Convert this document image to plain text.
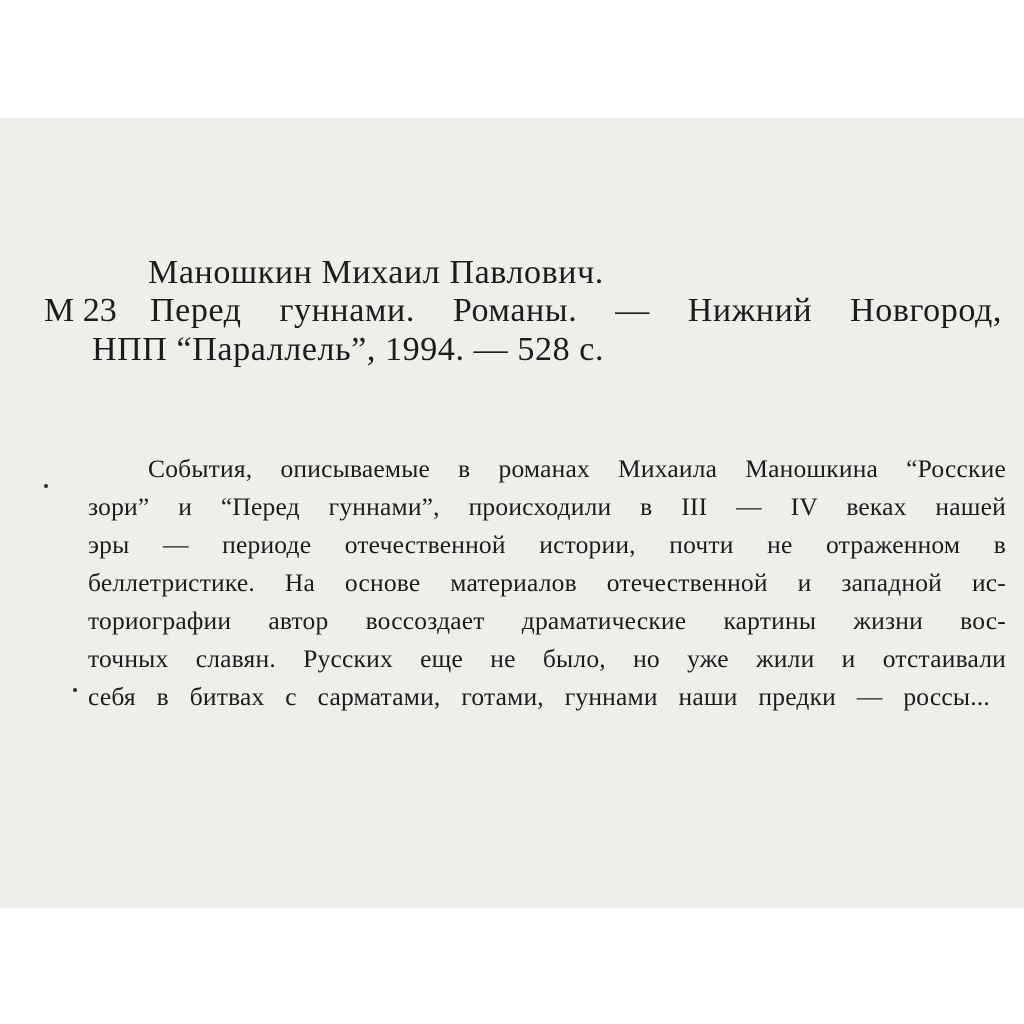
Маношкин Михаил Павлович.
М 23 Перед гуннами. Романы. — Нижний Новгород,
НПП “Параллель”, 1994. — 528 с.
События, описываемые в романах Михаила Маношкина “Росские
зори” и “Перед гуннами”, происходили в III — IV веках нашей
эры — периоде отечественной истории, почти не отраженном в
беллетристике. На основе материалов отечественной и западной ис-
ториографии автор воссоздает драматические картины жизни вос-
точных славян. Русских еще не было, но уже жили и отстаивали
себя в битвах с сарматами, готами, гуннами наши предки — россы...
